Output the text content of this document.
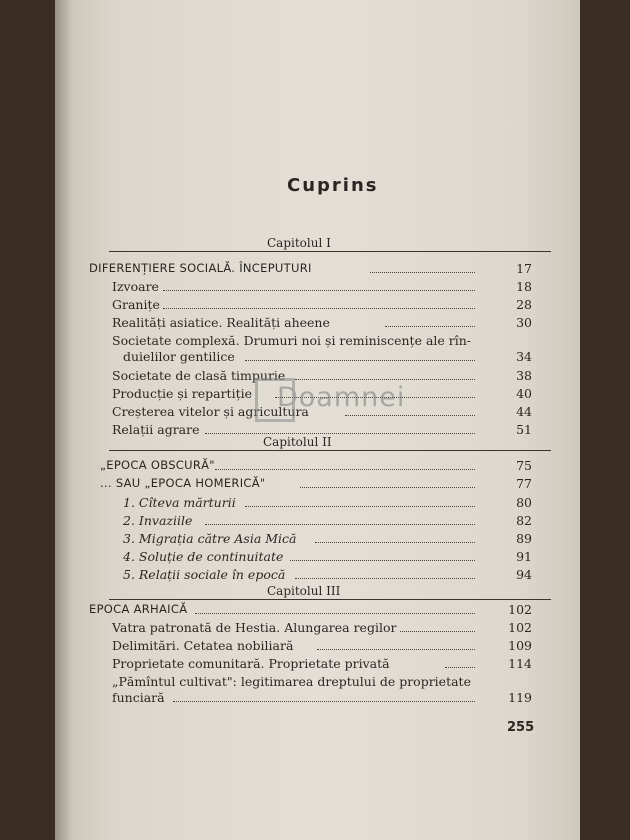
Cuprins
Capitolul I
DIFERENȚIERE SOCIALĂ. ÎNCEPUTURI	17
Izvoare	18
Granițe	28
Realități asiatice. Realități aheene	30
Societate complexă. Drumuri noi și reminiscențe ale rîn-
duielilor gentilice	34
Societate de clasă timpurie	38
Producție și repartiție	40
Creșterea vitelor și agricultura	44
Relații agrare	51
Capitolul II
„EPOCA OBSCURĂ"	75
... SAU „EPOCA HOMERICĂ"	77
1. Cîteva mărturii	80
2. Invaziile	82
3. Migrația către Asia Mică	89
4. Soluție de continuitate	91
5. Relații sociale în epocă	94
Capitolul III
EPOCA ARHAICĂ	102
Vatra patronată de Hestia. Alungarea regilor	102
Delimitări. Cetatea nobiliară	109
Proprietate comunitară. Proprietate privată	114
„Pămîntul cultivat": legitimarea dreptului de proprietate
funciară	119
255
Doamnei
